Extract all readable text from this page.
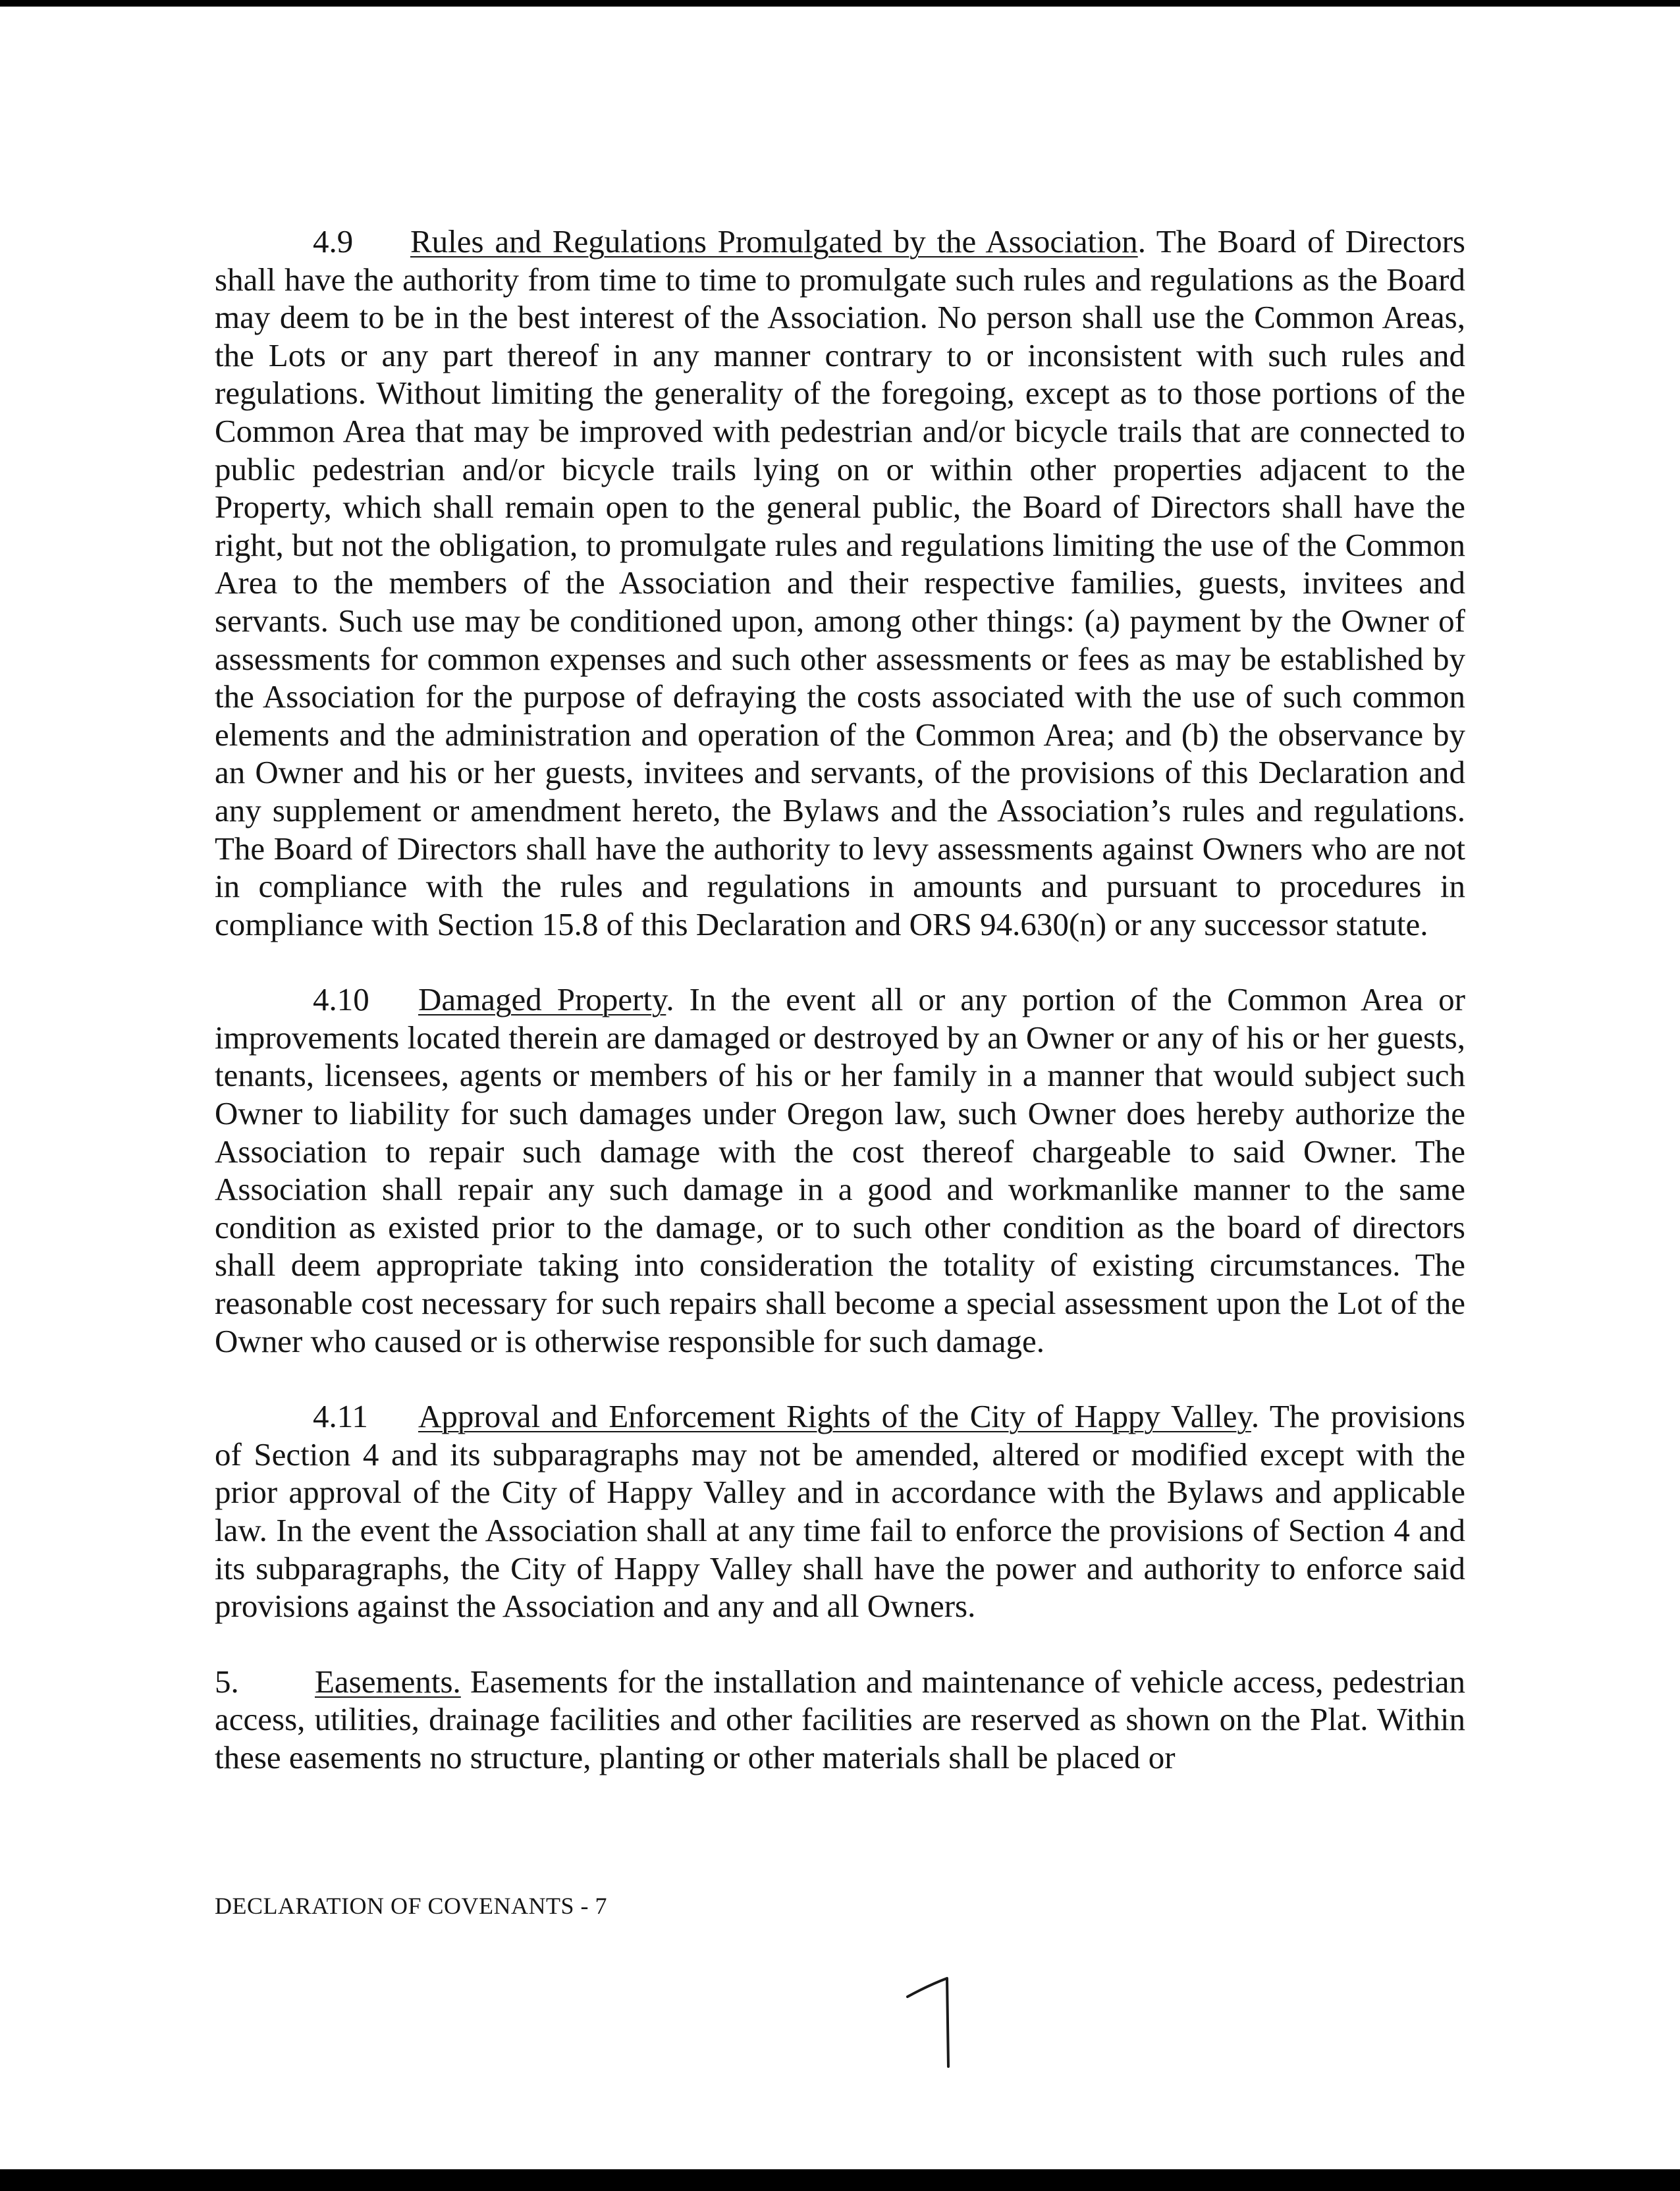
4.9 Rules and Regulations Promulgated by the Association. The Board of Directors shall have the authority from time to time to promulgate such rules and regulations as the Board may deem to be in the best interest of the Association. No person shall use the Common Areas, the Lots or any part thereof in any manner contrary to or inconsistent with such rules and regulations. Without limiting the generality of the foregoing, except as to those portions of the Common Area that may be improved with pedestrian and/or bicycle trails that are connected to public pedestrian and/or bicycle trails lying on or within other properties adjacent to the Property, which shall remain open to the general public, the Board of Directors shall have the right, but not the obligation, to promulgate rules and regulations limiting the use of the Common Area to the members of the Association and their respective families, guests, invitees and servants. Such use may be conditioned upon, among other things: (a) payment by the Owner of assessments for common expenses and such other assessments or fees as may be established by the Association for the purpose of defraying the costs associated with the use of such common elements and the administration and operation of the Common Area; and (b) the observance by an Owner and his or her guests, invitees and servants, of the provisions of this Declaration and any supplement or amendment hereto, the Bylaws and the Association’s rules and regulations. The Board of Directors shall have the authority to levy assessments against Owners who are not in compliance with the rules and regulations in amounts and pursuant to procedures in compliance with Section 15.8 of this Declaration and ORS 94.630(n) or any successor statute.

4.10 Damaged Property. In the event all or any portion of the Common Area or improvements located therein are damaged or destroyed by an Owner or any of his or her guests, tenants, licensees, agents or members of his or her family in a manner that would subject such Owner to liability for such damages under Oregon law, such Owner does hereby authorize the Association to repair such damage with the cost thereof chargeable to said Owner. The Association shall repair any such damage in a good and workmanlike manner to the same condition as existed prior to the damage, or to such other condition as the board of directors shall deem appropriate taking into consideration the totality of existing circumstances. The reasonable cost necessary for such repairs shall become a special assessment upon the Lot of the Owner who caused or is otherwise responsible for such damage.

4.11 Approval and Enforcement Rights of the City of Happy Valley. The provisions of Section 4 and its subparagraphs may not be amended, altered or modified except with the prior approval of the City of Happy Valley and in accordance with the Bylaws and applicable law. In the event the Association shall at any time fail to enforce the provisions of Section 4 and its subparagraphs, the City of Happy Valley shall have the power and authority to enforce said provisions against the Association and any and all Owners.

5. Easements. Easements for the installation and maintenance of vehicle access, pedestrian access, utilities, drainage facilities and other facilities are reserved as shown on the Plat. Within these easements no structure, planting or other materials shall be placed or

DECLARATION OF COVENANTS - 7
